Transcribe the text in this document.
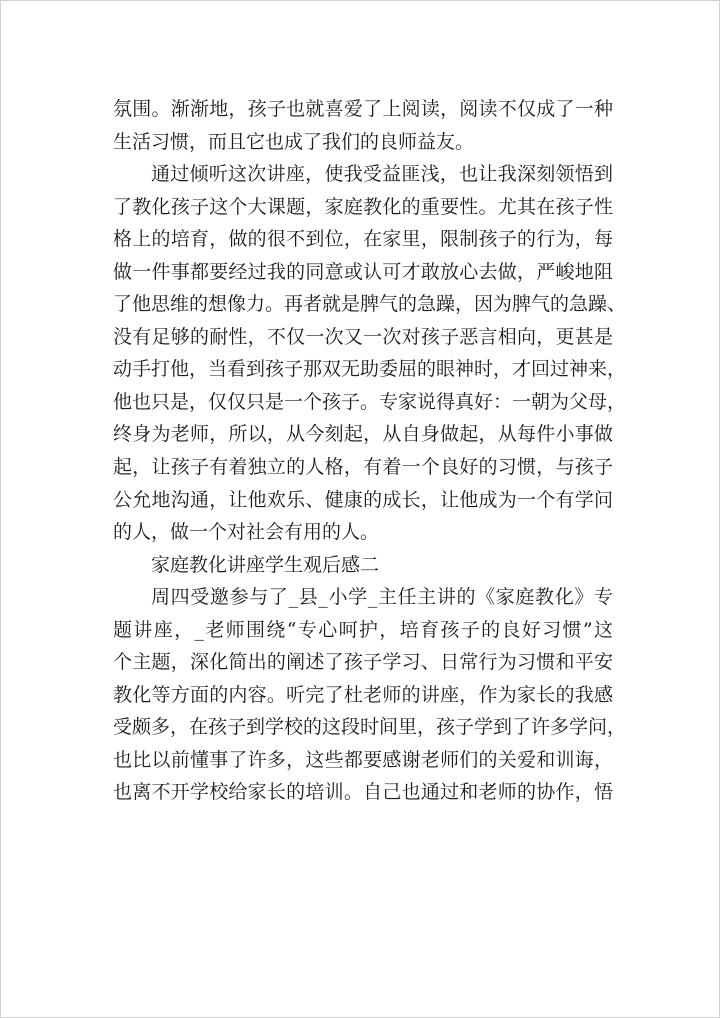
氛围。渐渐地，孩子也就喜爱了上阅读，阅读不仅成了一种
生活习惯，而且它也成了我们的良师益友。
通过倾听这次讲座，使我受益匪浅，也让我深刻领悟到
了教化孩子这个大课题，家庭教化的重要性。尤其在孩子性
格上的培育，做的很不到位，在家里，限制孩子的行为，每
做一件事都要经过我的同意或认可才敢放心去做，严峻地阻
了他思维的想像力。再者就是脾气的急躁，因为脾气的急躁、
没有足够的耐性，不仅一次又一次对孩子恶言相向，更甚是
动手打他，当看到孩子那双无助委屈的眼神时，才回过神来，
他也只是，仅仅只是一个孩子。专家说得真好：一朝为父母，
终身为老师，所以，从今刻起，从自身做起，从每件小事做
起，让孩子有着独立的人格，有着一个良好的习惯，与孩子
公允地沟通，让他欢乐、健康的成长，让他成为一个有学问
的人，做一个对社会有用的人。
家庭教化讲座学生观后感二
周四受邀参与了_县_小学_主任主讲的《家庭教化》专
题讲座，_老师围绕“专心呵护，培育孩子的良好习惯”这
个主题，深化简出的阐述了孩子学习、日常行为习惯和平安
教化等方面的内容。听完了杜老师的讲座，作为家长的我感
受颇多，在孩子到学校的这段时间里，孩子学到了许多学问，
也比以前懂事了许多，这些都要感谢老师们的关爱和训诲，
也离不开学校给家长的培训。自己也通过和老师的协作，悟
